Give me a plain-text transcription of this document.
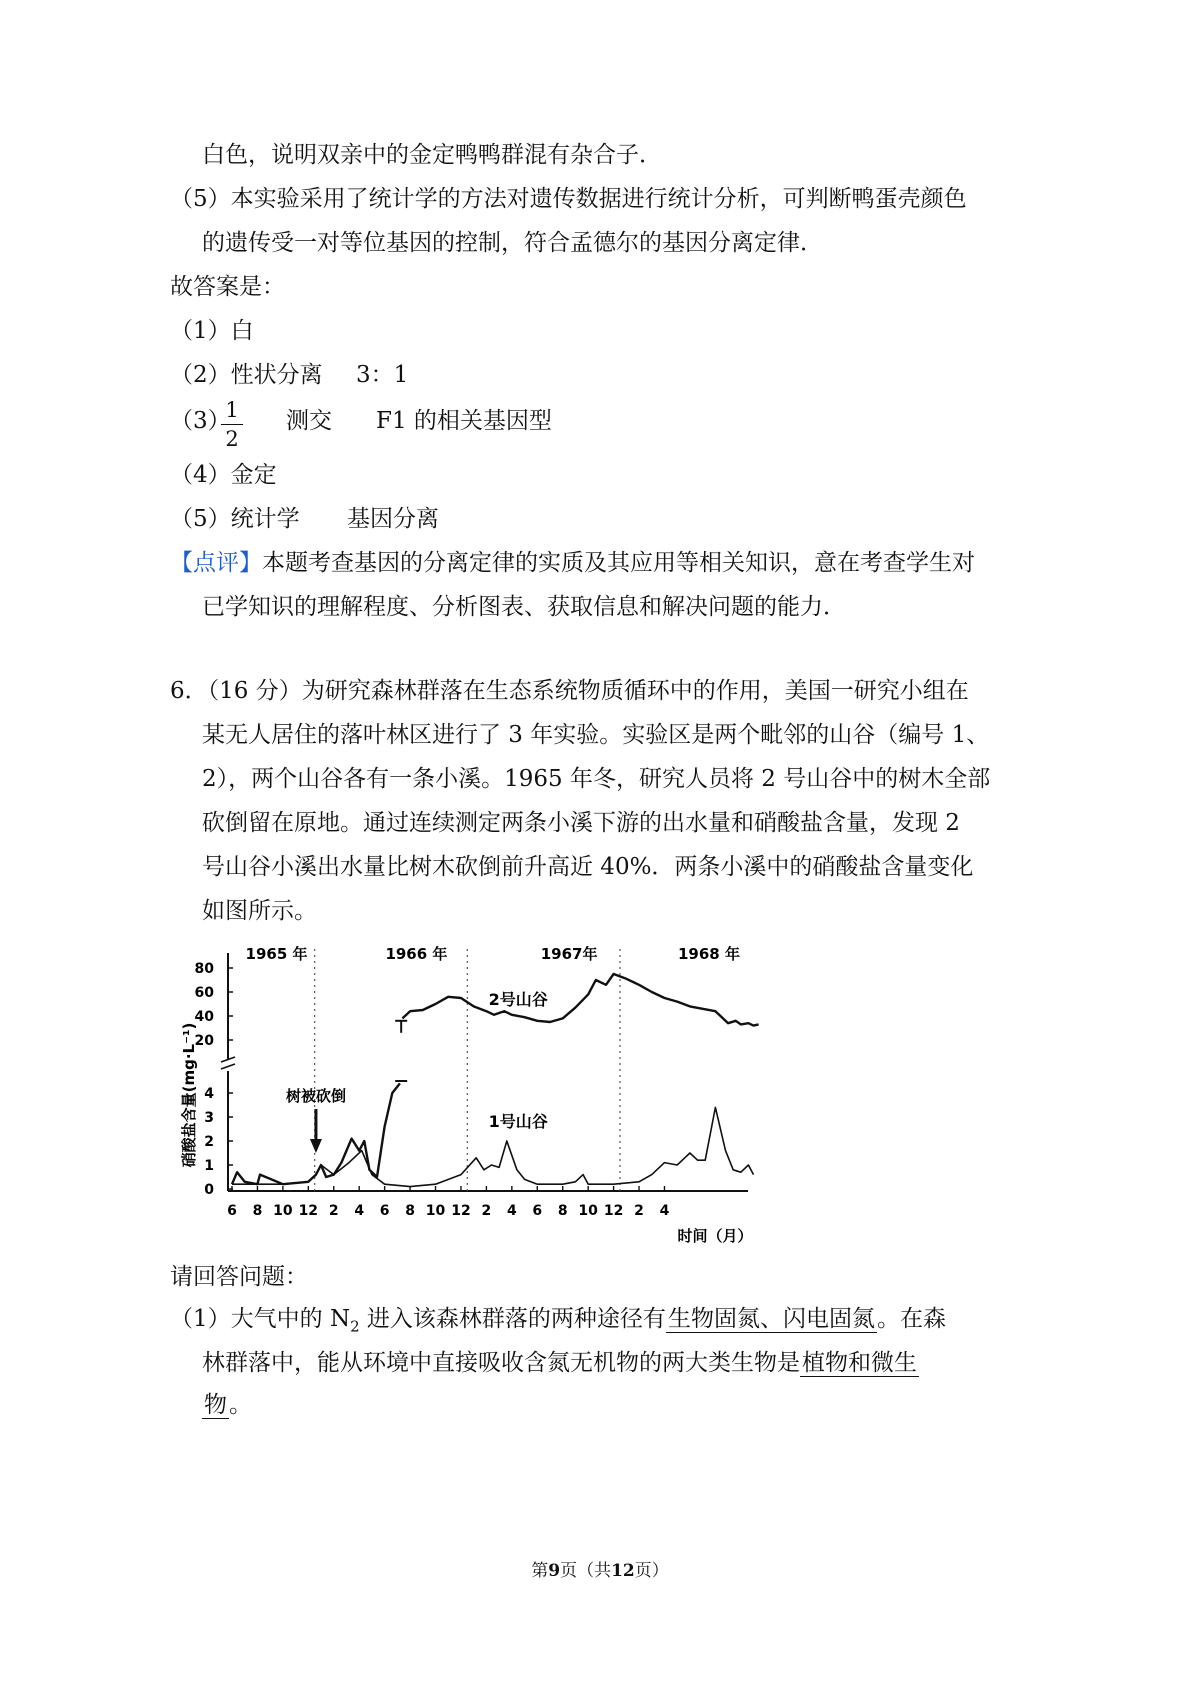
白色，说明双亲中的金定鸭鸭群混有杂合子．
（5）本实验采用了统计学的方法对遗传数据进行统计分析，可判断鸭蛋壳颜色
的遗传受一对等位基因的控制，符合孟德尔的基因分离定律．
故答案是：
（1）白
（2）性状分离 3：1
（3）
1
2
测交 F1 的相关基因型
（4）金定
（5）统计学 基因分离
【点评】本题考查基因的分离定律的实质及其应用等相关知识，意在考查学生对
已学知识的理解程度、分析图表、获取信息和解决问题的能力．
6．（16 分）为研究森林群落在生态系统物质循环中的作用，美国一研究小组在
某无人居住的落叶林区进行了 3 年实验。实验区是两个毗邻的山谷（编号 1、
2），两个山谷各有一条小溪。1965 年冬，研究人员将 2 号山谷中的树木全部
砍倒留在原地。通过连续测定两条小溪下游的出水量和硝酸盐含量，发现 2
号山谷小溪出水量比树木砍倒前升高近 40%．两条小溪中的硝酸盐含量变化
如图所示。
0
1
2
3
4
20
40
60
80
硝酸盐含量(mg·L⁻¹)
6 8 10 12 2 4 6 8 10 12 2 4 6 8 10 12 2 4
时间（月）
1965 年	1966 年	1967年	1968 年
2号山谷
1号山谷
树被砍倒
请回答问题：
（1）大气中的 $N_2$ 进入该森林群落的两种途径有生物固氮、闪电固氮。在森
林群落中，能从环境中直接吸收含氮无机物的两大类生物是植物和微生
物。
第9页（共12页）
